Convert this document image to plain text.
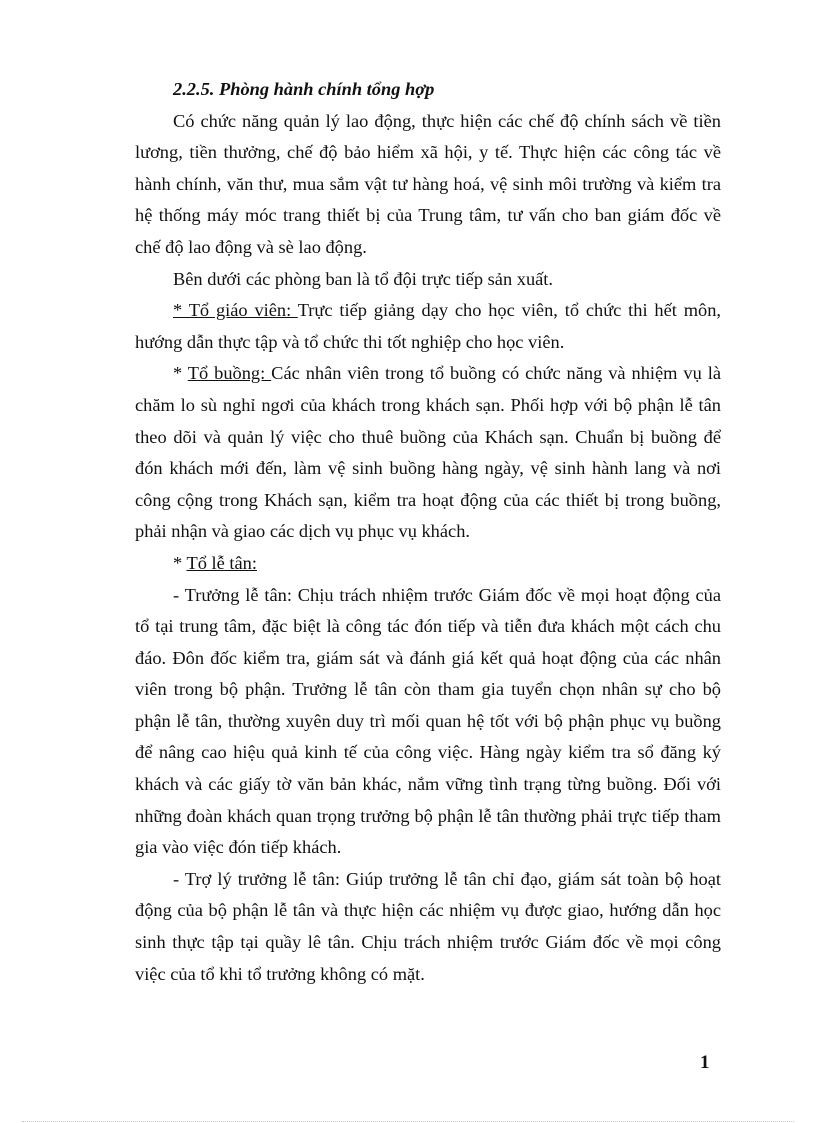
2.2.5. Phòng hành chính tổng hợp

Có chức năng quản lý lao động, thực hiện các chế độ chính sách về tiền lương, tiền thưởng, chế độ bảo hiểm xã hội, y tế. Thực hiện các công tác về hành chính, văn thư, mua sắm vật tư hàng hoá, vệ sinh môi trường và kiểm tra hệ thống máy móc trang thiết bị của Trung tâm, tư vấn cho ban giám đốc về chế độ lao động và sè lao động.

Bên dưới các phòng ban là tổ đội trực tiếp sản xuất.

* Tổ giáo viên: Trực tiếp giảng dạy cho học viên, tổ chức thi hết môn, hướng dẫn thực tập và tổ chức thi tốt nghiệp cho học viên.

* Tổ buồng: Các nhân viên trong tổ buồng có chức năng và nhiệm vụ là chăm lo sù nghỉ ngơi của khách trong khách sạn. Phối hợp với bộ phận lễ tân theo dõi và quản lý việc cho thuê buồng của Khách sạn. Chuẩn bị buồng để đón khách mới đến, làm vệ sinh buồng hàng ngày, vệ sinh hành lang và nơi công cộng trong Khách sạn, kiểm tra hoạt động của các thiết bị trong buồng, phải nhận và giao các dịch vụ phục vụ khách.

* Tổ lễ tân:

- Trưởng lễ tân: Chịu trách nhiệm trước Giám đốc về mọi hoạt động của tổ tại trung tâm, đặc biệt là công tác đón tiếp và tiễn đưa khách một cách chu đáo. Đôn đốc kiểm tra, giám sát và đánh giá kết quả hoạt động của các nhân viên trong bộ phận. Trưởng lễ tân còn tham gia tuyển chọn nhân sự cho bộ phận lễ tân, thường xuyên duy trì mối quan hệ tốt với bộ phận phục vụ buồng để nâng cao hiệu quả kinh tế của công việc. Hàng ngày kiểm tra sổ đăng ký khách và các giấy tờ văn bản khác, nắm vững tình trạng từng buồng. Đối với những đoàn khách quan trọng trưởng bộ phận lễ tân thường phải trực tiếp tham gia vào việc đón tiếp khách.

- Trợ lý trưởng lễ tân: Giúp trưởng lễ tân chỉ đạo, giám sát toàn bộ hoạt động của bộ phận lễ tân và thực hiện các nhiệm vụ được giao, hướng dẫn học sinh thực tập tại quầy lê tân. Chịu trách nhiệm trước Giám đốc về mọi công việc của tổ khi tổ trưởng không có mặt.

1
